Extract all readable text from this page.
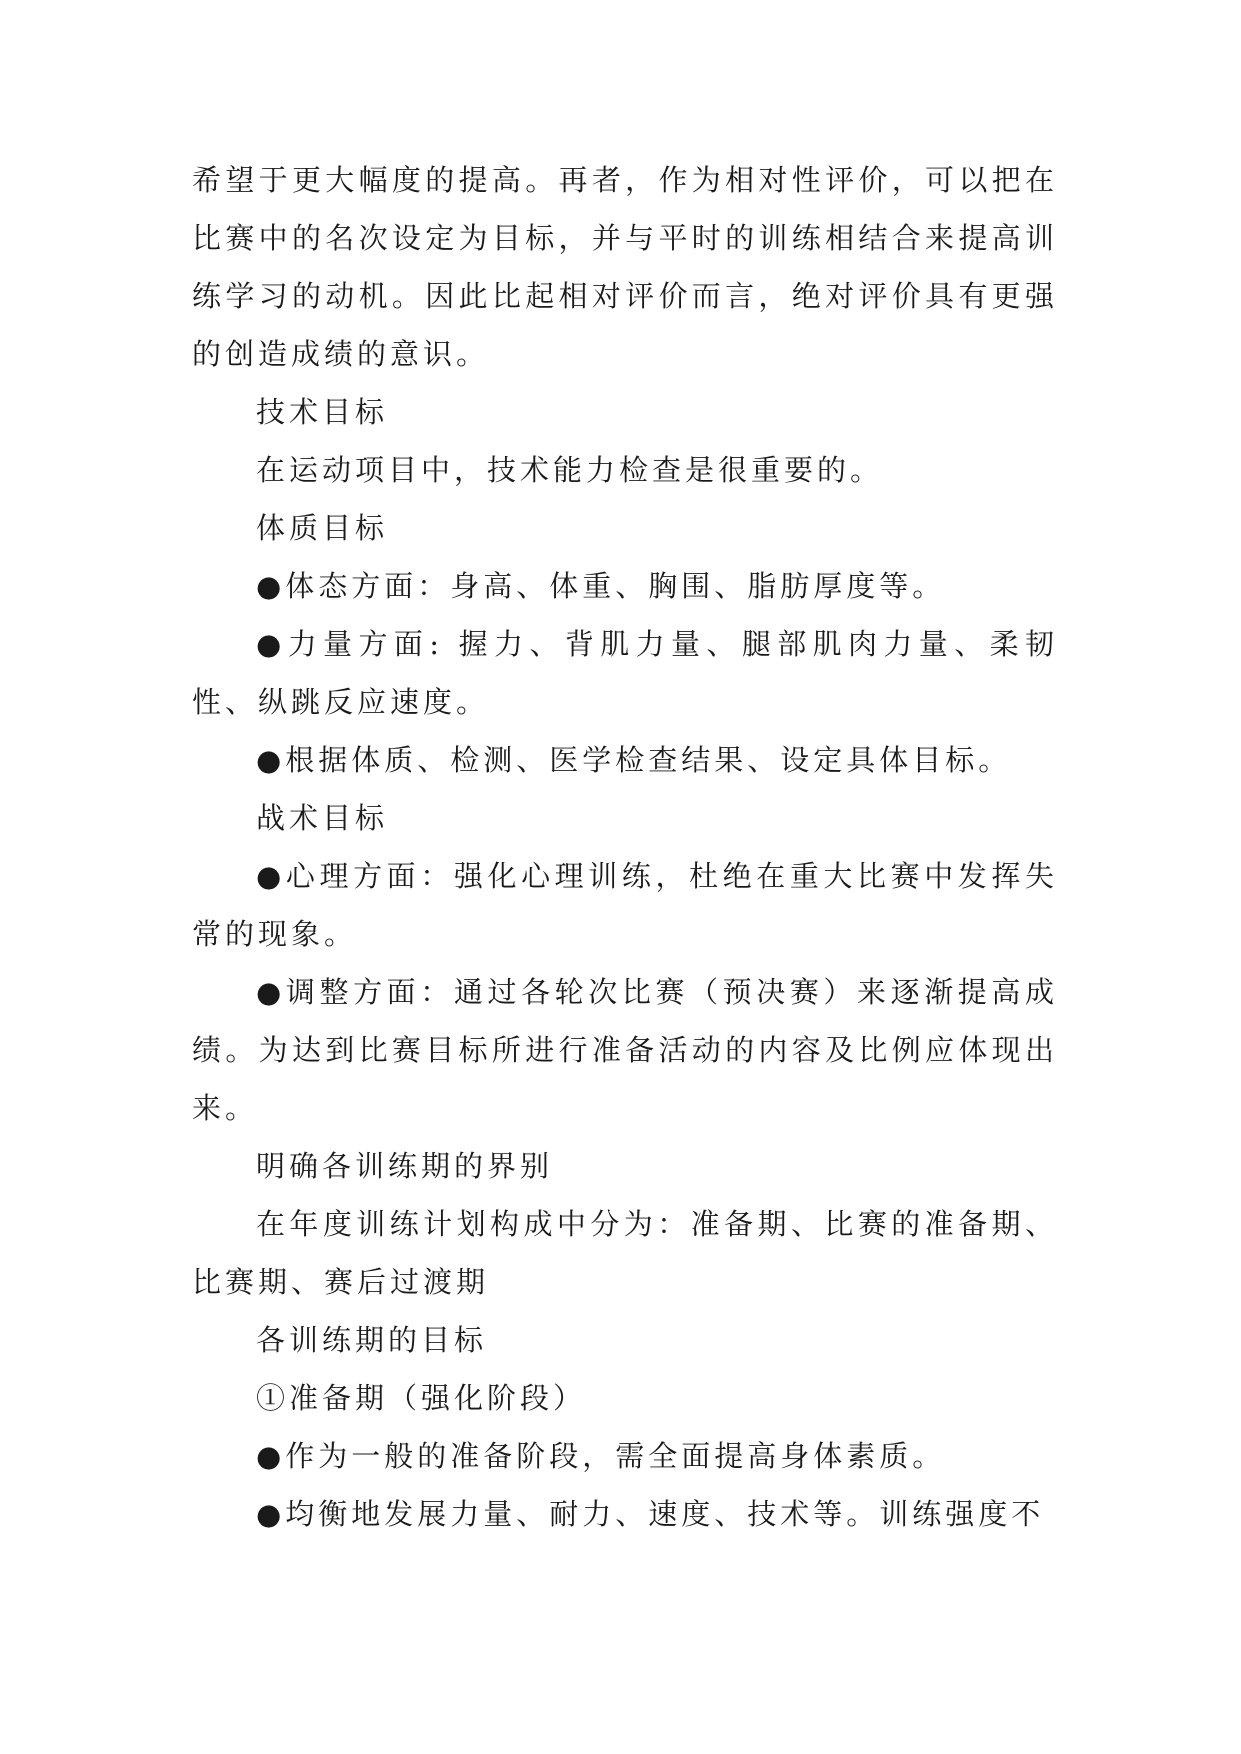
希望于更大幅度的提高。再者，作为相对性评价，可以把在比赛中的名次设定为目标，并与平时的训练相结合来提高训练学习的动机。因此比起相对评价而言，绝对评价具有更强的创造成绩的意识。

技术目标

在运动项目中，技术能力检查是很重要的。

体质目标

●体态方面：身高、体重、胸围、脂肪厚度等。

●力量方面: 握力、背肌力量、腿部肌肉力量、柔韧性、纵跳反应速度。

●根据体质、检测、医学检查结果、设定具体目标。

战术目标

●心理方面：强化心理训练，杜绝在重大比赛中发挥失常的现象。

●调整方面：通过各轮次比赛（预决赛）来逐渐提高成绩。为达到比赛目标所进行准备活动的内容及比例应体现出来。

明确各训练期的界别

在年度训练计划构成中分为：准备期、比赛的准备期、比赛期、赛后过渡期

各训练期的目标

①准备期（强化阶段）

●作为一般的准备阶段，需全面提高身体素质。

●均衡地发展力量、耐力、速度、技术等。训练强度不
